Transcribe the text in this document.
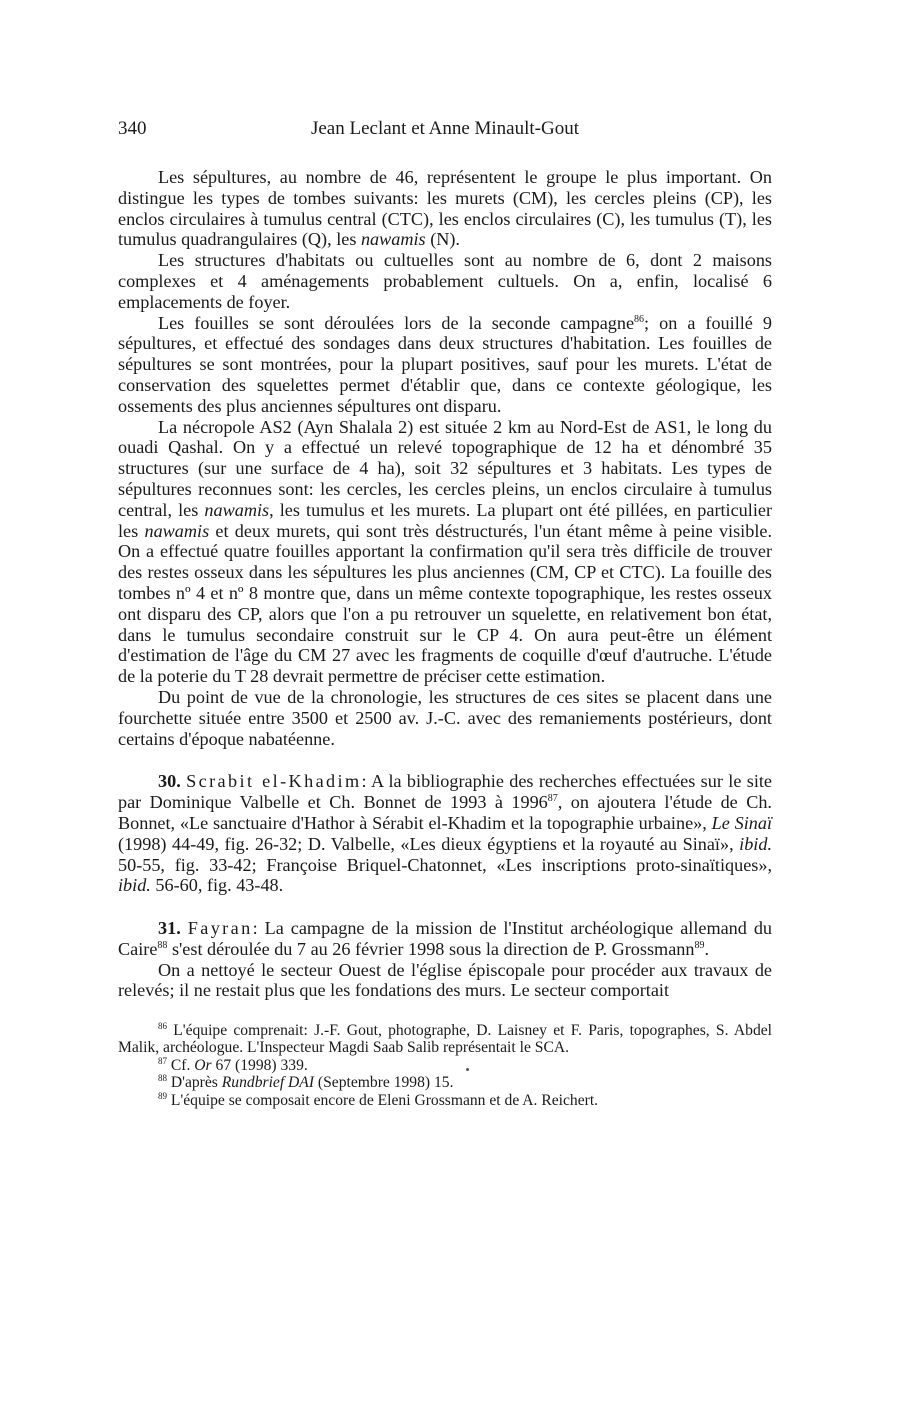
340	Jean Leclant et Anne Minault-Gout

Les sépultures, au nombre de 46, représentent le groupe le plus important. On distingue les types de tombes suivants: les murets (CM), les cercles pleins (CP), les enclos circulaires à tumulus central (CTC), les enclos circulaires (C), les tumulus (T), les tumulus quadrangulaires (Q), les nawamis (N).

Les structures d'habitats ou cultuelles sont au nombre de 6, dont 2 maisons complexes et 4 aménagements probablement cultuels. On a, enfin, localisé 6 emplacements de foyer.

Les fouilles se sont déroulées lors de la seconde campagne$^{86}$; on a fouillé 9 sépultures, et effectué des sondages dans deux structures d'habitation. Les fouilles de sépultures se sont montrées, pour la plupart positives, sauf pour les murets. L'état de conservation des squelettes permet d'établir que, dans ce contexte géologique, les ossements des plus anciennes sépultures ont disparu.

La nécropole AS2 (Ayn Shalala 2) est située 2 km au Nord-Est de AS1, le long du ouadi Qashal. On y a effectué un relevé topographique de 12 ha et dénombré 35 structures (sur une surface de 4 ha), soit 32 sépultures et 3 habitats. Les types de sépultures reconnues sont: les cercles, les cercles pleins, un enclos circulaire à tumulus central, les nawamis, les tumulus et les murets. La plupart ont été pillées, en particulier les nawamis et deux murets, qui sont très déstructurés, l'un étant même à peine visible. On a effectué quatre fouilles apportant la confirmation qu'il sera très difficile de trouver des restes osseux dans les sépultures les plus anciennes (CM, CP et CTC). La fouille des tombes nº 4 et nº 8 montre que, dans un même contexte topographique, les restes osseux ont disparu des CP, alors que l'on a pu retrouver un squelette, en relativement bon état, dans le tumulus secondaire construit sur le CP 4. On aura peut-être un élément d'estimation de l'âge du CM 27 avec les fragments de coquille d'œuf d'autruche. L'étude de la poterie du T 28 devrait permettre de préciser cette estimation.

Du point de vue de la chronologie, les structures de ces sites se placent dans une fourchette située entre 3500 et 2500 av. J.-C. avec des remaniements postérieurs, dont certains d'époque nabatéenne.

30. Scrabit el-Khadim: A la bibliographie des recherches effectuées sur le site par Dominique Valbelle et Ch. Bonnet de 1993 à 1996$^{87}$, on ajoutera l'étude de Ch. Bonnet, «Le sanctuaire d'Hathor à Sérabit el-Khadim et la topographie urbaine», Le Sinaï (1998) 44-49, fig. 26-32; D. Valbelle, «Les dieux égyptiens et la royauté au Sinaï», ibid. 50-55, fig. 33-42; Françoise Briquel-Chatonnet, «Les inscriptions proto-sinaïtiques», ibid. 56-60, fig. 43-48.

31. Fayran: La campagne de la mission de l'Institut archéologique allemand du Caire$^{88}$ s'est déroulée du 7 au 26 février 1998 sous la direction de P. Grossmann$^{89}$.

On a nettoyé le secteur Ouest de l'église épiscopale pour procéder aux travaux de relevés; il ne restait plus que les fondations des murs. Le secteur comportait

$^{86}$ L'équipe comprenait: J.-F. Gout, photographe, D. Laisney et F. Paris, topographes, S. Abdel Malik, archéologue. L'Inspecteur Magdi Saab Salib représentait le SCA.

$^{87}$ Cf. Or 67 (1998) 339.

$^{88}$ D'après Rundbrief DAI (Septembre 1998) 15.

$^{89}$ L'équipe se composait encore de Eleni Grossmann et de A. Reichert.
